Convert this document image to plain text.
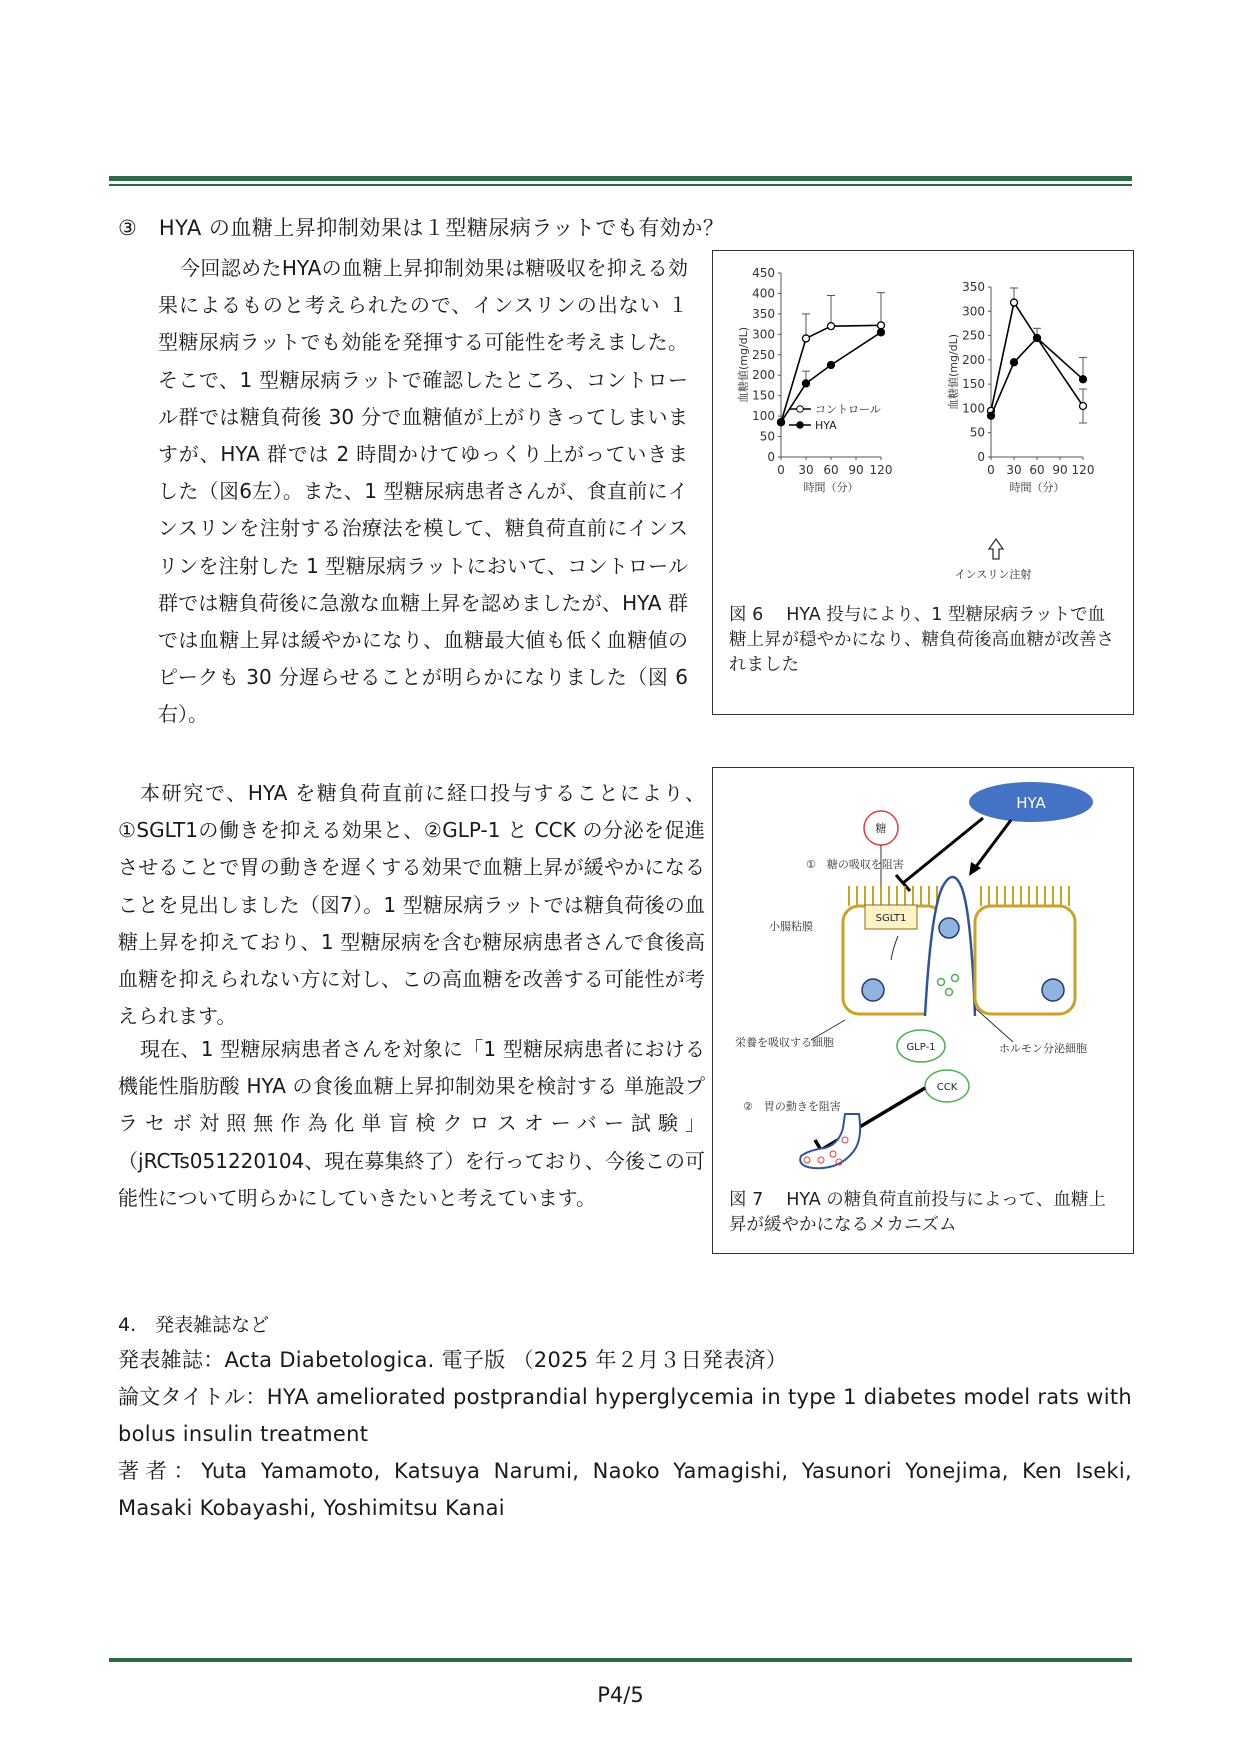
③　HYA の血糖上昇抑制効果は１型糖尿病ラットでも有効か？

今回認めたHYAの血糖上昇抑制効果は糖吸収を抑える効果によるものと考えられたので、インスリンの出ない １ 型糖尿病ラットでも効能を発揮する可能性を考えました。そこで、1 型糖尿病ラットで確認したところ、コントロール群では糖負荷後 30 分で血糖値が上がりきってしまいますが、HYA 群では 2 時間かけてゆっくり上がっていきました（図6左）。また、1 型糖尿病患者さんが、食直前にインスリンを注射する治療法を模して、糖負荷直前にインスリンを注射した 1 型糖尿病ラットにおいて、コントロール群では糖負荷後に急激な血糖上昇を認めましたが、HYA 群では血糖上昇は緩やかになり、血糖最大値も低く血糖値のピークも 30 分遅らせることが明らかになりました（図 6 右）。

0
50
100
150
200
250
300
350
400
450
0 30 60 90 120
時間（分）
血糖値(mg/dL)
コントロール
HYA
0
50
100
150
200
250
300
350
0 30 60 90 120
時間（分）
血糖値(mg/dL)
インスリン注射
図 6　 HYA 投与により、1 型糖尿病ラットで血糖上昇が穏やかになり、糖負荷後高血糖が改善されました
HYA
糖
①　糖の吸収を阻害
SGLT1
小腸粘膜
栄養を吸収する細胞	ホルモン分泌細胞
GLP-1
CCK
②　胃の動きを阻害
図 7　 HYA の糖負荷直前投与によって、血糖上昇が緩やかになるメカニズム

本研究で、HYA を糖負荷直前に経口投与することにより、①SGLT1の働きを抑える効果と、②GLP-1 と CCK の分泌を促進させることで胃の動きを遅くする効果で血糖上昇が緩やかになることを見出しました（図7）。1 型糖尿病ラットでは糖負荷後の血糖上昇を抑えており、1 型糖尿病を含む糖尿病患者さんで食後高血糖を抑えられない方に対し、この高血糖を改善する可能性が考えられます。

現在、1 型糖尿病患者さんを対象に「1 型糖尿病患者における機能性脂肪酸 HYA の食後血糖上昇抑制効果を検討する 単施設プラセボ対照無作為化単盲検クロスオーバー試験」（jRCTs051220104、現在募集終了）を行っており、今後この可能性について明らかにしていきたいと考えています。

4.　発表雑誌など
発表雑誌：Acta Diabetologica. 電子版 （2025 年２月３日発表済）
論文タイトル：HYA ameliorated postprandial hyperglycemia in type 1 diabetes model rats with bolus insulin treatment
著者：Yuta Yamamoto, Katsuya Narumi, Naoko Yamagishi, Yasunori Yonejima, Ken Iseki, Masaki Kobayashi, Yoshimitsu Kanai
P4/5
